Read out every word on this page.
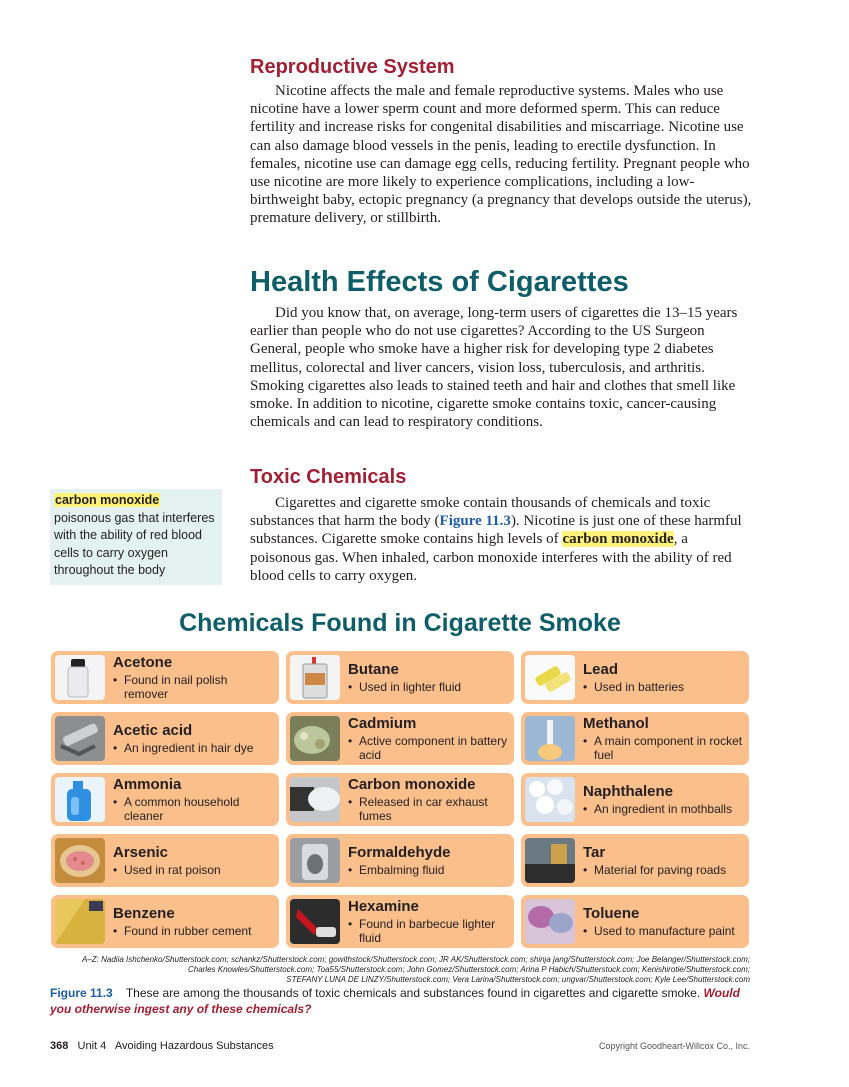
Reproductive System

Nicotine affects the male and female reproductive systems. Males who use nicotine have a lower sperm count and more deformed sperm. This can reduce fertility and increase risks for congenital disabilities and miscarriage. Nicotine use can also damage blood vessels in the penis, leading to erectile dysfunction. In females, nicotine use can damage egg cells, reducing fertility. Pregnant people who use nicotine are more likely to experience complications, including a low-birthweight baby, ectopic pregnancy (a pregnancy that develops outside the uterus), premature delivery, or stillbirth.

Health Effects of Cigarettes

Did you know that, on average, long-term users of cigarettes die 13–15 years earlier than people who do not use cigarettes? According to the US Surgeon General, people who smoke have a higher risk for developing type 2 diabetes mellitus, colorectal and liver cancers, vision loss, tuberculosis, and arthritis. Smoking cigarettes also leads to stained teeth and hair and clothes that smell like smoke. In addition to nicotine, cigarette smoke contains toxic, cancer-causing chemicals and can lead to respiratory conditions.

Toxic Chemicals

Cigarettes and cigarette smoke contain thousands of chemicals and toxic substances that harm the body (Figure 11.3). Nicotine is just one of these harmful substances. Cigarette smoke contains high levels of carbon monoxide, a poisonous gas. When inhaled, carbon monoxide interferes with the ability of red blood cells to carry oxygen.

carbon monoxide
poisonous gas that interferes with the ability of red blood cells to carry oxygen throughout the body
Chemicals Found in Cigarette Smoke
Acetone
• Found in nail polish remover
Acetic acid
• An ingredient in hair dye
Ammonia
• A common household cleaner
Arsenic
• Used in rat poison
Benzene
• Found in rubber cement
Butane
• Used in lighter fluid
Cadmium
• Active component in battery acid
Carbon monoxide
• Released in car exhaust fumes
Formaldehyde
• Embalming fluid
Hexamine
• Found in barbecue lighter fluid
Lead
• Used in batteries
Methanol
• A main component in rocket fuel
Naphthalene
• An ingredient in mothballs
Tar
• Material for paving roads
Toluene
• Used to manufacture paint
A–Z: Nadiia Ishchenko/Shutterstock.com; schankz/Shutterstock.com; gowithstock/Shutterstock.com; JR AK/Shutterstock.com; shinja jang/Shutterstock.com; Joe Belanger/Shutterstock.com;
Charles Knowles/Shutterstock.com; Toa55/Shutterstock.com; John Gomez/Shutterstock.com; Arina P Habich/Shutterstock.com; Kenishirotie/Shutterstock.com;
STEFANY LUNA DE LINZY/Shutterstock.com; Vera Larina/Shutterstock.com; ungvar/Shutterstock.com; Kyle Lee/Shutterstock.com
Figure 11.3 These are among the thousands of toxic chemicals and substances found in cigarettes and cigarette smoke. Would you otherwise ingest any of these chemicals?
368 Unit 4   Avoiding Hazardous Substances	Copyright Goodheart-Willcox Co., Inc.
